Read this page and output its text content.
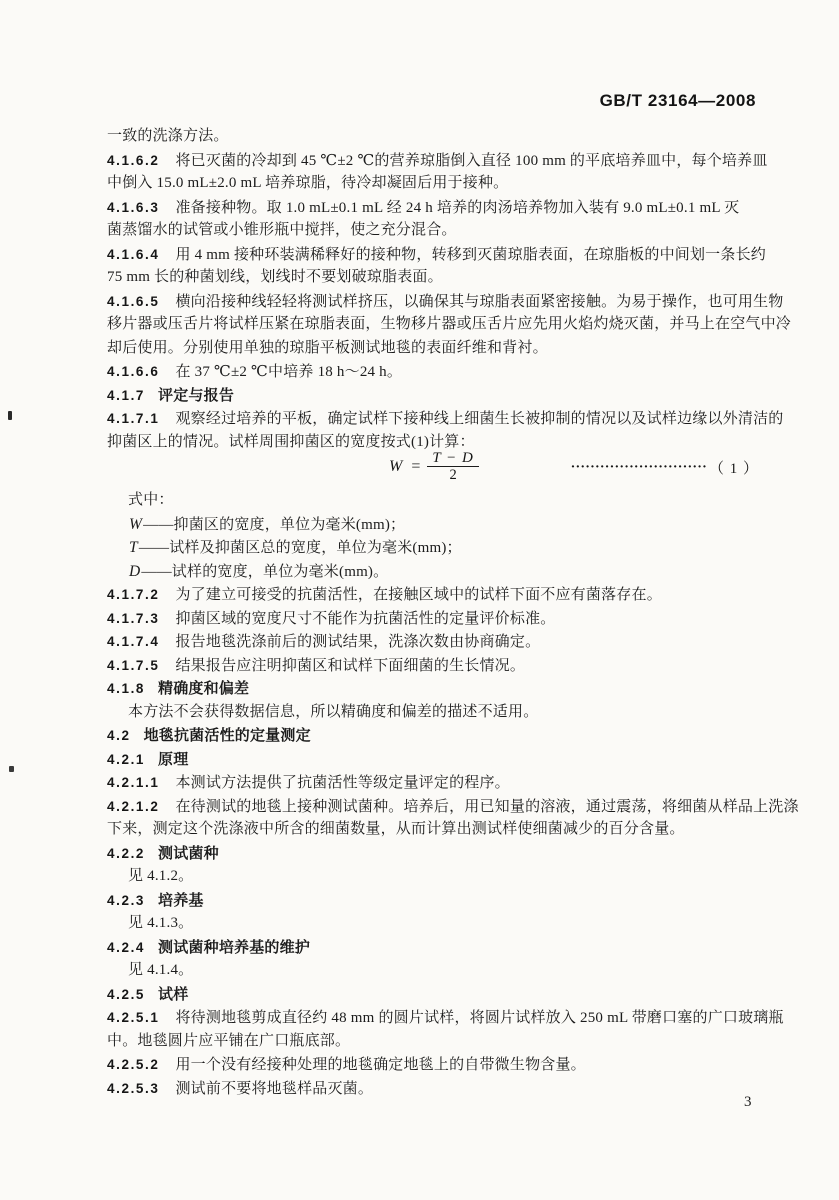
GB/T 23164—2008
一致的洗涤方法。
4.1.6.2 将已灭菌的冷却到 45 ℃±2 ℃的营养琼脂倒入直径 100 mm 的平底培养皿中，每个培养皿
中倒入 15.0 mL±2.0 mL 培养琼脂，待冷却凝固后用于接种。
4.1.6.3 准备接种物。取 1.0 mL±0.1 mL 经 24 h 培养的肉汤培养物加入装有 9.0 mL±0.1 mL 灭
菌蒸馏水的试管或小锥形瓶中搅拌，使之充分混合。
4.1.6.4 用 4 mm 接种环装满稀释好的接种物，转移到灭菌琼脂表面，在琼脂板的中间划一条长约
75 mm 长的种菌划线，划线时不要划破琼脂表面。
4.1.6.5 横向沿接种线轻轻将测试样挤压，以确保其与琼脂表面紧密接触。为易于操作，也可用生物
移片器或压舌片将试样压紧在琼脂表面，生物移片器或压舌片应先用火焰灼烧灭菌，并马上在空气中冷
却后使用。分别使用单独的琼脂平板测试地毯的表面纤维和背衬。
4.1.6.6 在 37 ℃±2 ℃中培养 18 h～24 h。
4.1.7 评定与报告
4.1.7.1 观察经过培养的平板，确定试样下接种线上细菌生长被抑制的情况以及试样边缘以外清洁的
抑菌区上的情况。试样周围抑菌区的宽度按式(1)计算：
$W = \frac{T - D}{2}$	···························· （ 1 ）
式中：
W——抑菌区的宽度，单位为毫米(mm)；
T——试样及抑菌区总的宽度，单位为毫米(mm)；
D——试样的宽度，单位为毫米(mm)。
4.1.7.2 为了建立可接受的抗菌活性，在接触区域中的试样下面不应有菌落存在。
4.1.7.3 抑菌区域的宽度尺寸不能作为抗菌活性的定量评价标准。
4.1.7.4 报告地毯洗涤前后的测试结果，洗涤次数由协商确定。
4.1.7.5 结果报告应注明抑菌区和试样下面细菌的生长情况。
4.1.8 精确度和偏差
本方法不会获得数据信息，所以精确度和偏差的描述不适用。
4.2 地毯抗菌活性的定量测定
4.2.1 原理
4.2.1.1 本测试方法提供了抗菌活性等级定量评定的程序。
4.2.1.2 在待测试的地毯上接种测试菌种。培养后，用已知量的溶液，通过震荡，将细菌从样品上洗涤
下来，测定这个洗涤液中所含的细菌数量，从而计算出测试样使细菌减少的百分含量。
4.2.2 测试菌种
见 4.1.2。
4.2.3 培养基
见 4.1.3。
4.2.4 测试菌种培养基的维护
见 4.1.4。
4.2.5 试样
4.2.5.1 将待测地毯剪成直径约 48 mm 的圆片试样，将圆片试样放入 250 mL 带磨口塞的广口玻璃瓶
中。地毯圆片应平铺在广口瓶底部。
4.2.5.2 用一个没有经接种处理的地毯确定地毯上的自带微生物含量。
4.2.5.3 测试前不要将地毯样品灭菌。
3
